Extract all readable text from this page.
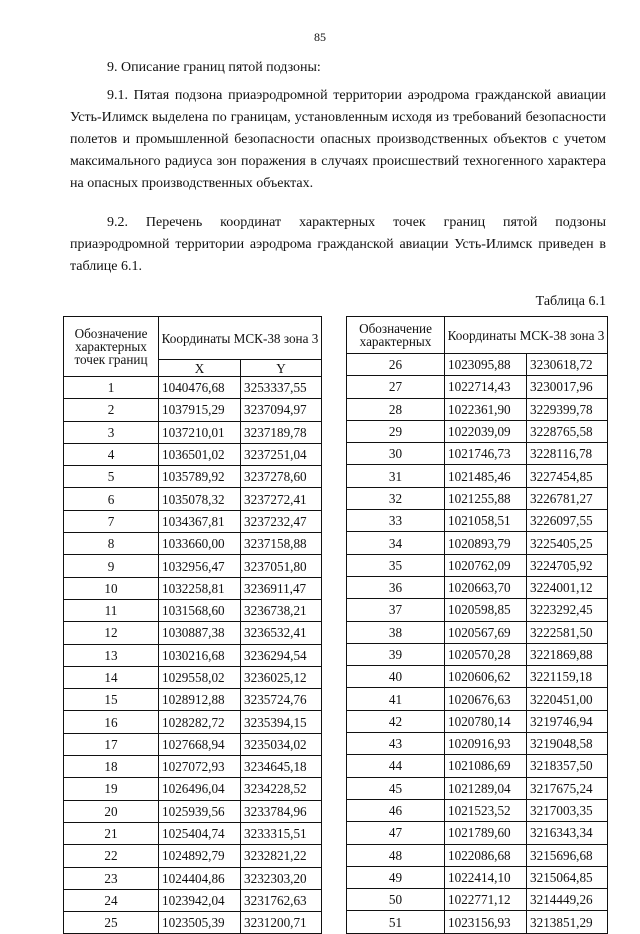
85
9. Описание границ пятой подзоны:

9.1. Пятая подзона приаэродромной территории аэродрома гражданской авиации Усть-Илимск выделена по границам, установленным исходя из требований безопасности полетов и промышленной безопасности опасных производственных объектов с учетом максимального радиуса зон поражения в случаях происшествий техногенного характера на опасных производственных объектах.

9.2. Перечень координат характерных точек границ пятой подзоны приаэродромной территории аэродрома гражданской авиации Усть-Илимск приведен в таблице 6.1.

Таблица 6.1
Обозначение характерных точек границ	Координаты МСК-38 зона 3	
	X	Y
1	1040476,68	3253337,55
2	1037915,29	3237094,97
3	1037210,01	3237189,78
4	1036501,02	3237251,04
5	1035789,92	3237278,60
6	1035078,32	3237272,41
7	1034367,81	3237232,47
8	1033660,00	3237158,88
9	1032956,47	3237051,80
10	1032258,81	3236911,47
11	1031568,60	3236738,21
12	1030887,38	3236532,41
13	1030216,68	3236294,54
14	1029558,02	3236025,12
15	1028912,88	3235724,76
16	1028282,72	3235394,15
17	1027668,94	3235034,02
18	1027072,93	3234645,18
19	1026496,04	3234228,52
20	1025939,56	3233784,96
21	1025404,74	3233315,51
22	1024892,79	3232821,22
23	1024404,86	3232303,20
24	1023942,04	3231762,63
25	1023505,39	3231200,71
Обозначение характерных	Координаты МСК-38 зона 3	
26	1023095,88	3230618,72
27	1022714,43	3230017,96
28	1022361,90	3229399,78
29	1022039,09	3228765,58
30	1021746,73	3228116,78
31	1021485,46	3227454,85
32	1021255,88	3226781,27
33	1021058,51	3226097,55
34	1020893,79	3225405,25
35	1020762,09	3224705,92
36	1020663,70	3224001,12
37	1020598,85	3223292,45
38	1020567,69	3222581,50
39	1020570,28	3221869,88
40	1020606,62	3221159,18
41	1020676,63	3220451,00
42	1020780,14	3219746,94
43	1020916,93	3219048,58
44	1021086,69	3218357,50
45	1021289,04	3217675,24
46	1021523,52	3217003,35
47	1021789,60	3216343,34
48	1022086,68	3215696,68
49	1022414,10	3215064,85
50	1022771,12	3214449,26
51	1023156,93	3213851,29
